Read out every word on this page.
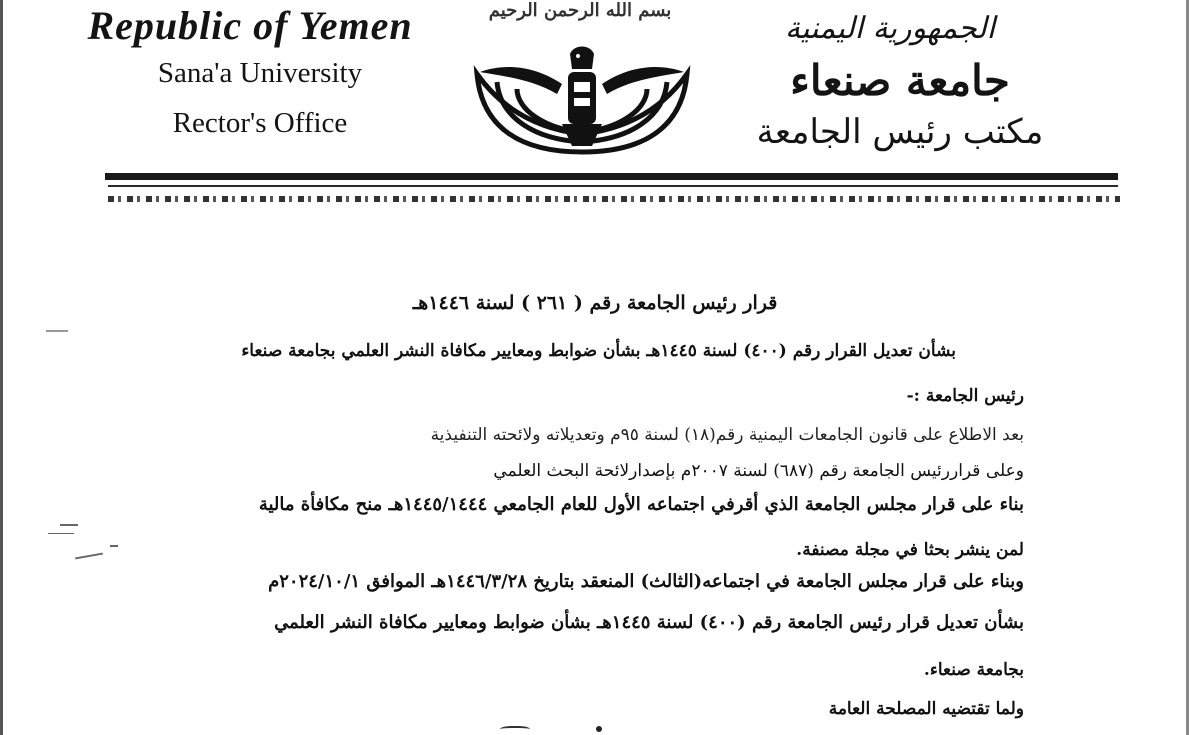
Republic of Yemen
Sana'a University
Rector's Office
بسم الله الرحمن الرحيم
الجمهورية اليمنية
جامعة صنعاء
مكتب رئيس الجامعة
قرار رئيس الجامعة رقم ( ٢٦١ ) لسنة ١٤٤٦هـ
بشأن تعديل القرار رقم (٤٠٠) لسنة ١٤٤٥هـ بشأن ضوابط ومعايير مكافاة النشر العلمي بجامعة صنعاء
رئيس الجامعة :-
بعد الاطلاع على قانون الجامعات اليمنية رقم(١٨) لسنة ٩٥م وتعديلاته ولائحته التنفيذية
وعلى قراررئيس الجامعة رقم (٦٨٧) لسنة ٢٠٠٧م بإصدارلائحة البحث العلمي
بناء على قرار مجلس الجامعة الذي أقرفي اجتماعه الأول للعام الجامعي ١٤٤٥/١٤٤٤هـ منح مكافأة مالية
لمن ينشر بحثا في مجلة مصنفة.
وبناء على قرار مجلس الجامعة في اجتماعه(الثالث) المنعقد بتاريخ ١٤٤٦/٣/٢٨هـ الموافق ٢٠٢٤/١٠/١م
بشأن تعديل قرار رئيس الجامعة رقم (٤٠٠) لسنة ١٤٤٥هـ بشأن ضوابط ومعايير مكافاة النشر العلمي
بجامعة صنعاء.
ولما تقتضيه المصلحة العامة
